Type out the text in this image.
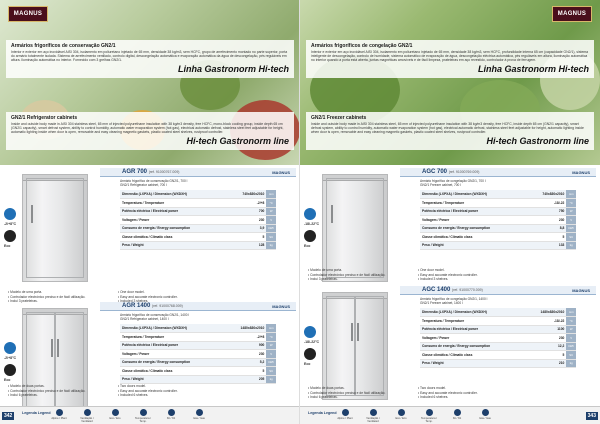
MAGNUS
Armários frigoríficos de conservação GN2/1
Interior e exterior em aço inoxidável AISI 304, isolamento em poliuretano injetado de 65 mm, densidade 38 kg/m3, sem HCFC, grupo de arrefecimento montado no parte superior, porta do armário totalmente isolada. Sistema de arrefecimento ventilado, controlo digital, descongelação automática e evaporação automática da água de descongelação, pés reguláveis em altura. Iluminação automática no interior. Fornecido com 3 grelhas GN2/1.
Linha Gastronorm Hi-tech
GN2/1 Refrigerator cabinets
Inside and outside body made in AISI 304 stainless steel, 65 mm of injected polyurethane insulation with 38 kg/m3 density, free HCFC, mono-block cooling group, inside depth 65 cm (GN2/1 capacity), smart defrost system, ability to control humidity, automatic water evaporation system (hot gas), electrical automatic defrost, stainless steel feet adjustable for height, automatic lighting inside when door is open, removable and easy cleaning magnetic gaskets, plastic coated steel shelves, rustproof controller.
Hi-tech Gastronorm line
-2/+8°C
Eco
AGR 700 (ref. 91000767.009)	MAGNUS
Armário frigorífico de conservação GN2/1, 700 l
GN2/1 Refrigerator cabinet, 700 l
Dimensão (LXPXA) / Dimension (WXDXH)	740x830x2010	mm
Temperatura / Temperature	-2/+8	°C
Potência eléctrica / Electrical power	700	W
Voltagem / Power	230	V
Consumo de energia / Energy consumption	3,9	kWh
Classe climática / Climatic class	5	SC
Peso / Weight	128	kg
• Modelo de uma porta.
• Controlador electrónico preciso e de fácil utilização.
• Inclui 3 prateleiras.
• One door model.
• Easy and accurate electronic controller.
•
-2/+8°C
Eco
AGR 1400 (ref. 91000768.009)	MAGNUS
Armário frigorífico de conservação GN2/1, 1400 l
GN2/1 Refrigerator cabinet, 1400 l
Dimensão (LXPXA) / Dimension (WXDXH)	1480x830x2010	mm
Temperatura / Temperature	-2/+8	°C
Potência eléctrica / Electrical power	900	W
Voltagem / Power	230	V
Consumo de energia / Energy consumption	5,2	kWh
Classe climática / Climatic class	5	SC
Peso / Weight	205	kg
• Modelo de duas portas.
• Controlador electrónico preciso e de fácil utilização.
• Inclui 6 prateleiras.
• Two doors model.
• Easy and accurate electronic controller.
• Included 6 shelves.
342	Legenda Legend
Alpine / Plant	Ventilação / Ventilated
Eco / Eco	Temperatura / Temp.
Kit / Kit	Gás / Gas
MAGNUS
Armários frigoríficos de congelação GN2/1
Interior e exterior em aço inoxidável AISI 304, isolamento em poliuretano injetado de 65 mm, densidade 38 kg/m3, sem HCFC, profundidade interna 65 cm (capacidade GN2/1), sistema inteligente de descongelação, controlo de humidade, sistema automático de evaporação de água, descongelação eléctrica automática, pés reguláveis em altura, iluminação automática no interior quando a porta está aberta, juntas magnéticas amovíveis e de fácil limpeza, prateleiras em aço revestido, controlador à prova de ferrugem.
Linha Gastronorm Hi-tech
GN2/1 Freezer cabinets
Inside and outside body made in AISI 304 stainless steel, 65 mm of injected polyurethane insulation with 38 kg/m3 density, free HCFC, inside depth 65 cm (GN2/1 capacity), smart defrost system, ability to control humidity, automatic water evaporation system (hot gas), electrical automatic defrost, stainless steel feet adjustable for height, automatic lighting inside when door is open, removable and easy cleaning magnetic gaskets, plastic coated steel shelves, rustproof controller.
Hi-tech Gastronorm line
-18/-22°C
Eco
AGC 700 (ref. 91000769.009)	MAGNUS
Armário frigorífico de congelação GN2/1, 700 l
GN2/1 Freezer cabinet, 700 l
Dimensão (LXPXA) / Dimension (WXDXH)	740x830x2010	mm
Temperatura / Temperature	-18/-22	°C
Potência eléctrica / Electrical power	750	W
Voltagem / Power	230	V
Consumo de energia / Energy consumption	8,8	kWh
Classe climática / Climatic class	5	SC
Peso / Weight	133	kg
• Modelo de uma porta.
• Controlador electrónico preciso e de fácil utilização.
• Inclui 3 prateleiras.
• One door model.
• Easy and accurate electronic controller.
• Included 3 shelves.
-18/-22°C
Eco
AGC 1400 (ref. 91000770.009)	MAGNUS
Armário frigorífico de congelação GN2/1, 1400 l
GN2/1 Freezer cabinet, 1400 l
Dimensão (LXPXA) / Dimension (WXDXH)	1480x830x2010	mm
Temperatura / Temperature	-18/-22	°C
Potência eléctrica / Electrical power	1100	W
Voltagem / Power	230	V
Consumo de energia / Energy consumption	12,2	kWh
Classe climática / Climatic class	5	SC
Peso / Weight	210	kg
• Modelo de duas portas.
• Controlador electrónico preciso e de fácil utilização.
• Inclui 6 prateleiras.
• Two doors model.
• Easy and accurate electronic controller.
• Included 6 shelves.
Legenda Legend
Alpine / Plant	Ventilação / Ventilated
Eco / Eco	Temperatura / Temp.
Kit / Kit	Gás / Gas	343
